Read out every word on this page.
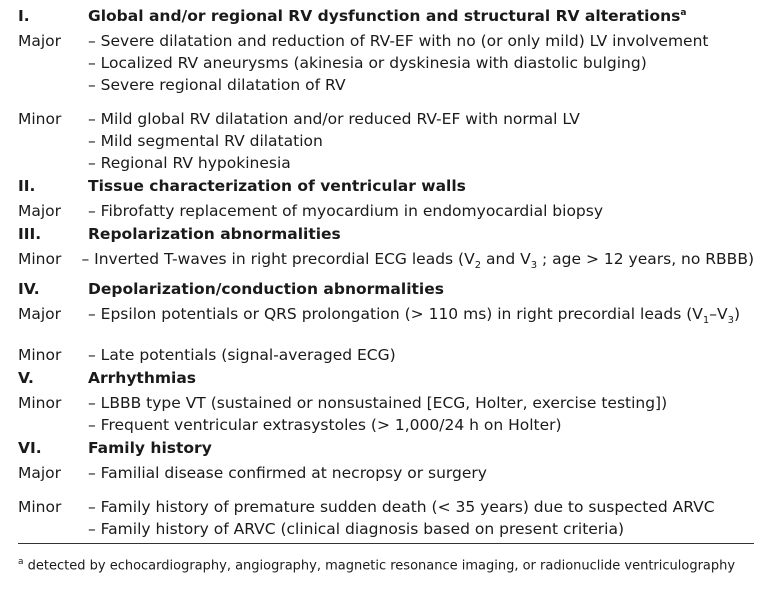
I.	Global and/or regional RV dysfunction and structural RV alterations$^a$
Major	– Severe dilatation and reduction of RV-EF with no (or only mild) LV involvement
– Localized RV aneurysms (akinesia or dyskinesia with diastolic bulging)
– Severe regional dilatation of RV
Minor	– Mild global RV dilatation and/or reduced RV-EF with normal LV
– Mild segmental RV dilatation
– Regional RV hypokinesia
II.	Tissue characterization of ventricular walls
Major	– Fibrofatty replacement of myocardium in endomyocardial biopsy
III.	Repolarization abnormalities
Minor	– Inverted T-waves in right precordial ECG leads ($V_2$ and $V_3$ ; age > 12 years, no RBBB)
IV.	Depolarization/conduction abnormalities
Major	– Epsilon potentials or QRS prolongation (> 110 ms) in right precordial leads $(V_1-V_3)$
Minor	– Late potentials (signal-averaged ECG)
V.	Arrhythmias
Minor	– LBBB type VT (sustained or nonsustained [ECG, Holter, exercise testing])
– Frequent ventricular extrasystoles (> 1,000/24 h on Holter)
VI.	Family history
Major	– Familial disease confirmed at necropsy or surgery
Minor	– Family history of premature sudden death (< 35 years) due to suspected ARVC
– Family history of ARVC (clinical diagnosis based on present criteria)
$^a$ detected by echocardiography, angiography, magnetic resonance imaging, or radionuclide ventriculography
